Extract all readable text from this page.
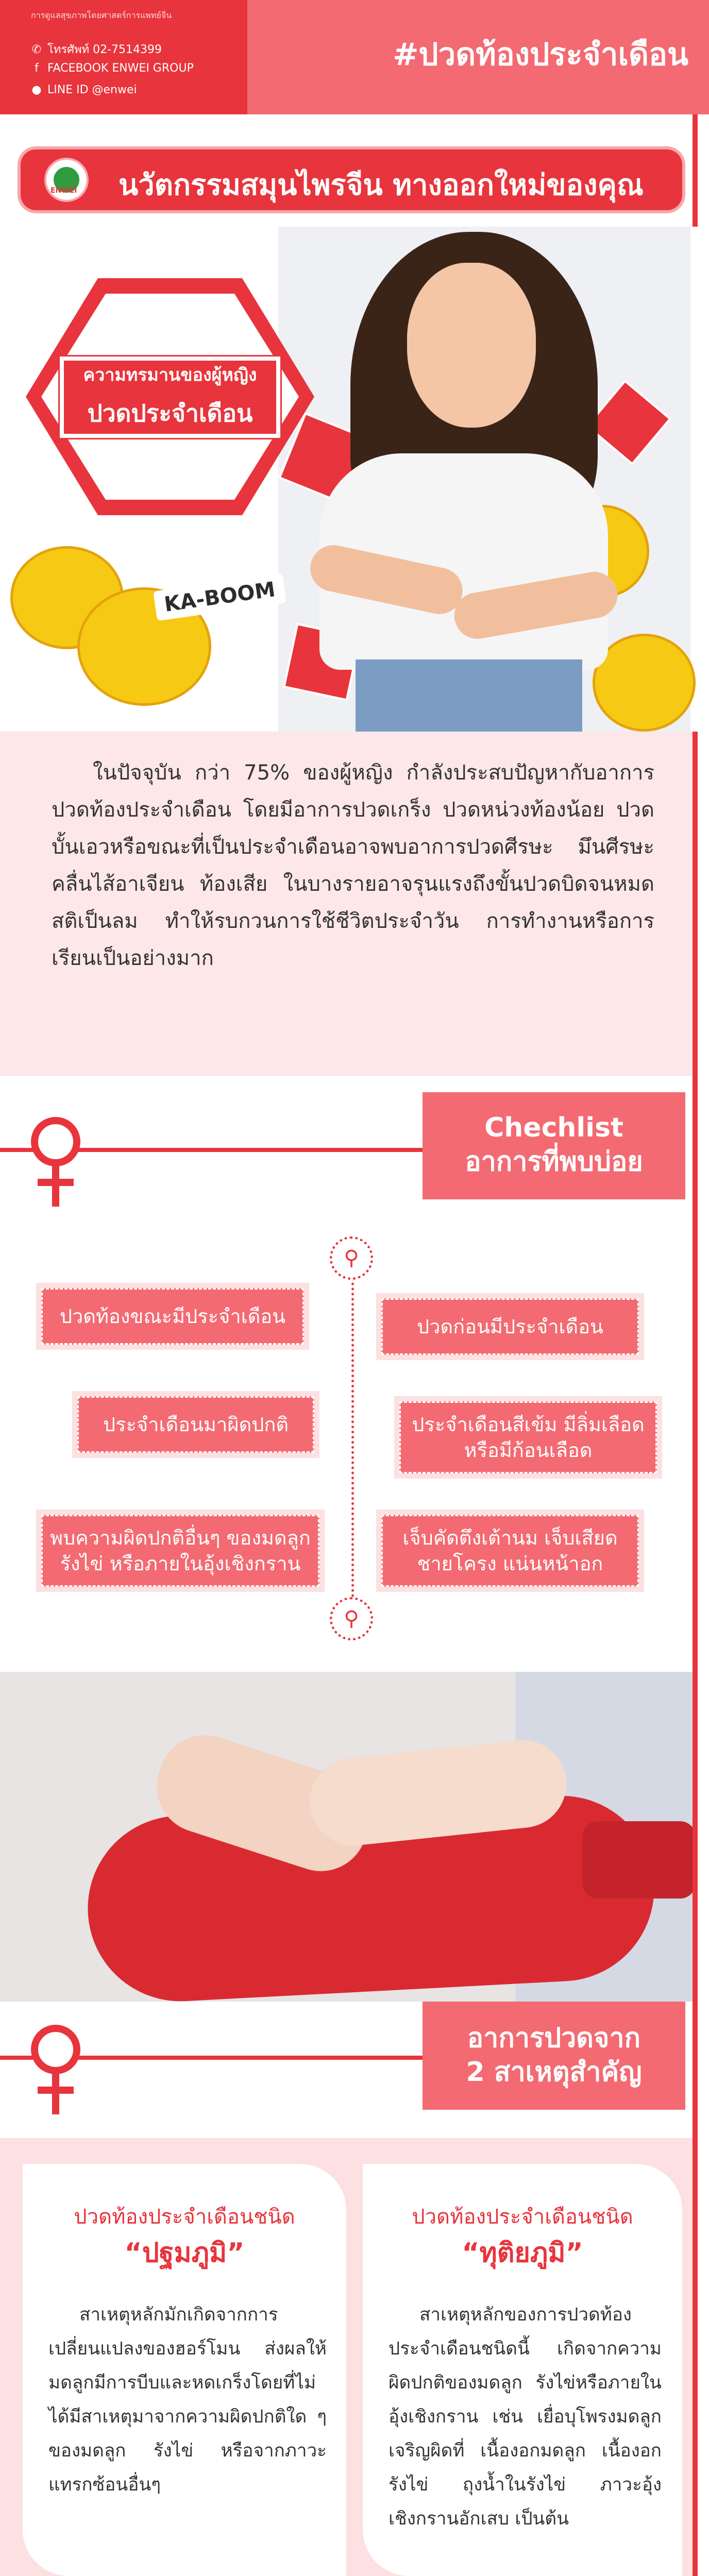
การดูแลสุขภาพโดยศาสตร์การแพทย์จีน
✆ โทรศัพท์ 02-7514399
f FACEBOOK ENWEI GROUP
● LINE ID @enwei
#ปวดท้องประจำเดือน
ENWEI นวัตกรรมสมุนไพรจีน ทางออกใหม่ของคุณ
KA-BOOM
ความทรมานของผู้หญิง
ปวดประจำเดือน
ในปัจจุบัน กว่า 75% ของผู้หญิง กำลังประสบปัญหากับอาการปวดท้องประจำเดือน โดยมีอาการปวดเกร็ง ปวดหน่วงท้องน้อย ปวดบั้นเอวหรือขณะที่เป็นประจำเดือนอาจพบอาการปวดศีรษะ มึนศีรษะ คลื่นไส้อาเจียน ท้องเสีย ในบางรายอาจรุนแรงถึงขั้นปวดบิดจนหมดสติเป็นลม ทำให้รบกวนการใช้ชีวิตประจำวัน การทำงานหรือการเรียนเป็นอย่างมาก
Chechlist
อาการที่พบบ่อย
⚲
⚲
ปวดท้องขณะมีประจำเดือน	ปวดก่อนมีประจำเดือน
ประจำเดือนมาผิดปกติ	ประจำเดือนสีเข้ม มีลิ่มเลือดหรือมีก้อนเลือด
พบความผิดปกติอื่นๆ ของมดลูก รังไข่ หรือภายในอุ้งเชิงกราน
เจ็บคัดตึงเต้านม เจ็บเสียดชายโครง แน่นหน้าอก
อาการปวดจาก
2 สาเหตุสำคัญ
ปวดท้องประจำเดือนชนิด
“ปฐมภูมิ”
สาเหตุหลักมักเกิดจากการเปลี่ยนแปลงของฮอร์โมน ส่งผลให้มดลูกมีการบีบและหดเกร็งโดยที่ไม่ได้มีสาเหตุมาจากความผิดปกติใด ๆ ของมดลูก รังไข่ หรือจากภาวะแทรกซ้อนอื่นๆ
ปวดท้องประจำเดือนชนิด
“ทุติยภูมิ”
สาเหตุหลักของการปวดท้องประจำเดือนชนิดนี้ เกิดจากความผิดปกติของมดลูก รังไข่หรือภายในอุ้งเชิงกราน เช่น เยื่อบุโพรงมดลูกเจริญผิดที่ เนื้องอกมดลูก เนื้องอกรังไข่ ถุงน้ำในรังไข่ ภาวะอุ้งเชิงกรานอักเสบ เป็นต้น
